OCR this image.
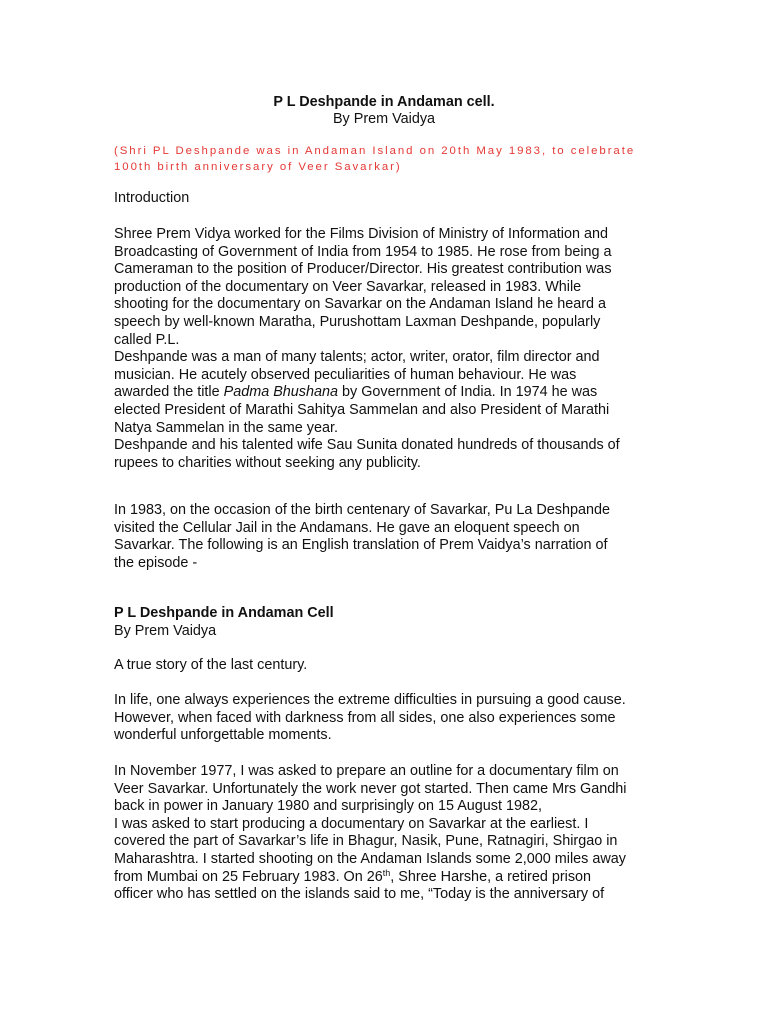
P L Deshpande in Andaman cell.
By Prem Vaidya
(Shri PL Deshpande was in Andaman Island on 20th May 1983, to celebrate
100th birth anniversary of Veer Savarkar)
Introduction
Shree Prem Vidya worked for the Films Division of Ministry of Information and
Broadcasting of Government of India from 1954 to 1985. He rose from being a
Cameraman to the position of Producer/Director. His greatest contribution was
production of the documentary on Veer Savarkar, released in 1983. While
shooting for the documentary on Savarkar on the Andaman Island he heard a
speech by well-known Maratha, Purushottam Laxman Deshpande, popularly
called P.L.
Deshpande was a man of many talents; actor, writer, orator, film director and
musician. He acutely observed peculiarities of human behaviour. He was
awarded the title Padma Bhushana by Government of India. In 1974 he was
elected President of Marathi Sahitya Sammelan and also President of Marathi
Natya Sammelan in the same year.
Deshpande and his talented wife Sau Sunita donated hundreds of thousands of
rupees to charities without seeking any publicity.
In 1983, on the occasion of the birth centenary of Savarkar, Pu La Deshpande
visited the Cellular Jail in the Andamans. He gave an eloquent speech on
Savarkar. The following is an English translation of Prem Vaidya’s narration of
the episode -
P L Deshpande in Andaman Cell
By Prem Vaidya
A true story of the last century.
In life, one always experiences the extreme difficulties in pursuing a good cause.
However, when faced with darkness from all sides, one also experiences some
wonderful unforgettable moments.
In November 1977, I was asked to prepare an outline for a documentary film on
Veer Savarkar. Unfortunately the work never got started. Then came Mrs Gandhi
back in power in January 1980 and surprisingly on 15 August 1982,
I was asked to start producing a documentary on Savarkar at the earliest. I
covered the part of Savarkar’s life in Bhagur, Nasik, Pune, Ratnagiri, Shirgao in
Maharashtra. I started shooting on the Andaman Islands some 2,000 miles away
from Mumbai on 25 February 1983. On 26th, Shree Harshe, a retired prison
officer who has settled on the islands said to me, “Today is the anniversary of
